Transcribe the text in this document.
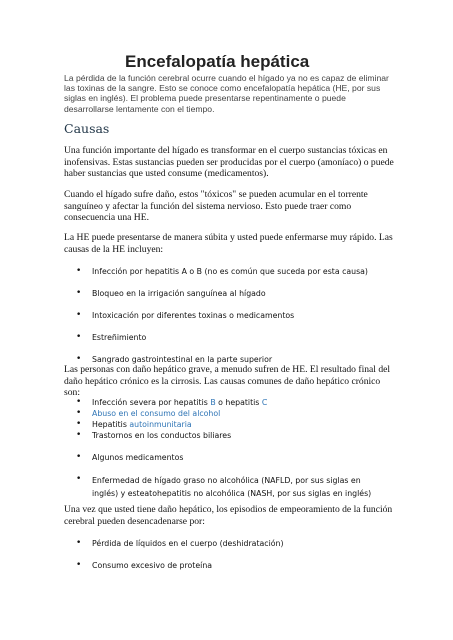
Encefalopatía hepática
La pérdida de la función cerebral ocurre cuando el hígado ya no es capaz de eliminar las toxinas de la sangre. Esto se conoce como encefalopatía hepática (HE, por sus siglas en inglés). El problema puede presentarse repentinamente o puede desarrollarse lentamente con el tiempo.
Causas
Una función importante del hígado es transformar en el cuerpo sustancias tóxicas en inofensivas. Estas sustancias pueden ser producidas por el cuerpo (amoníaco) o puede haber sustancias que usted consume (medicamentos).
Cuando el hígado sufre daño, estos "tóxicos" se pueden acumular en el torrente sanguíneo y afectar la función del sistema nervioso. Esto puede traer como consecuencia una HE.
La HE puede presentarse de manera súbita y usted puede enfermarse muy rápido. Las causas de la HE incluyen:
• Infección por hepatitis A o B (no es común que suceda por esta causa)
• Bloqueo en la irrigación sanguínea al hígado
• Intoxicación por diferentes toxinas o medicamentos
• Estreñimiento
• Sangrado gastrointestinal en la parte superior
Las personas con daño hepático grave, a menudo sufren de HE. El resultado final del daño hepático crónico es la cirrosis. Las causas comunes de daño hepático crónico son:
• Infección severa por hepatitis B o hepatitis C
• Abuso en el consumo del alcohol
• Hepatitis autoinmunitaria
• Trastornos en los conductos biliares
• Algunos medicamentos
• Enfermedad de hígado graso no alcohólica (NAFLD, por sus siglas en inglés) y esteatohepatitis no alcohólica (NASH, por sus siglas en inglés)
Una vez que usted tiene daño hepático, los episodios de empeoramiento de la función cerebral pueden desencadenarse por:
• Pérdida de líquidos en el cuerpo (deshidratación)
• Consumo excesivo de proteína
